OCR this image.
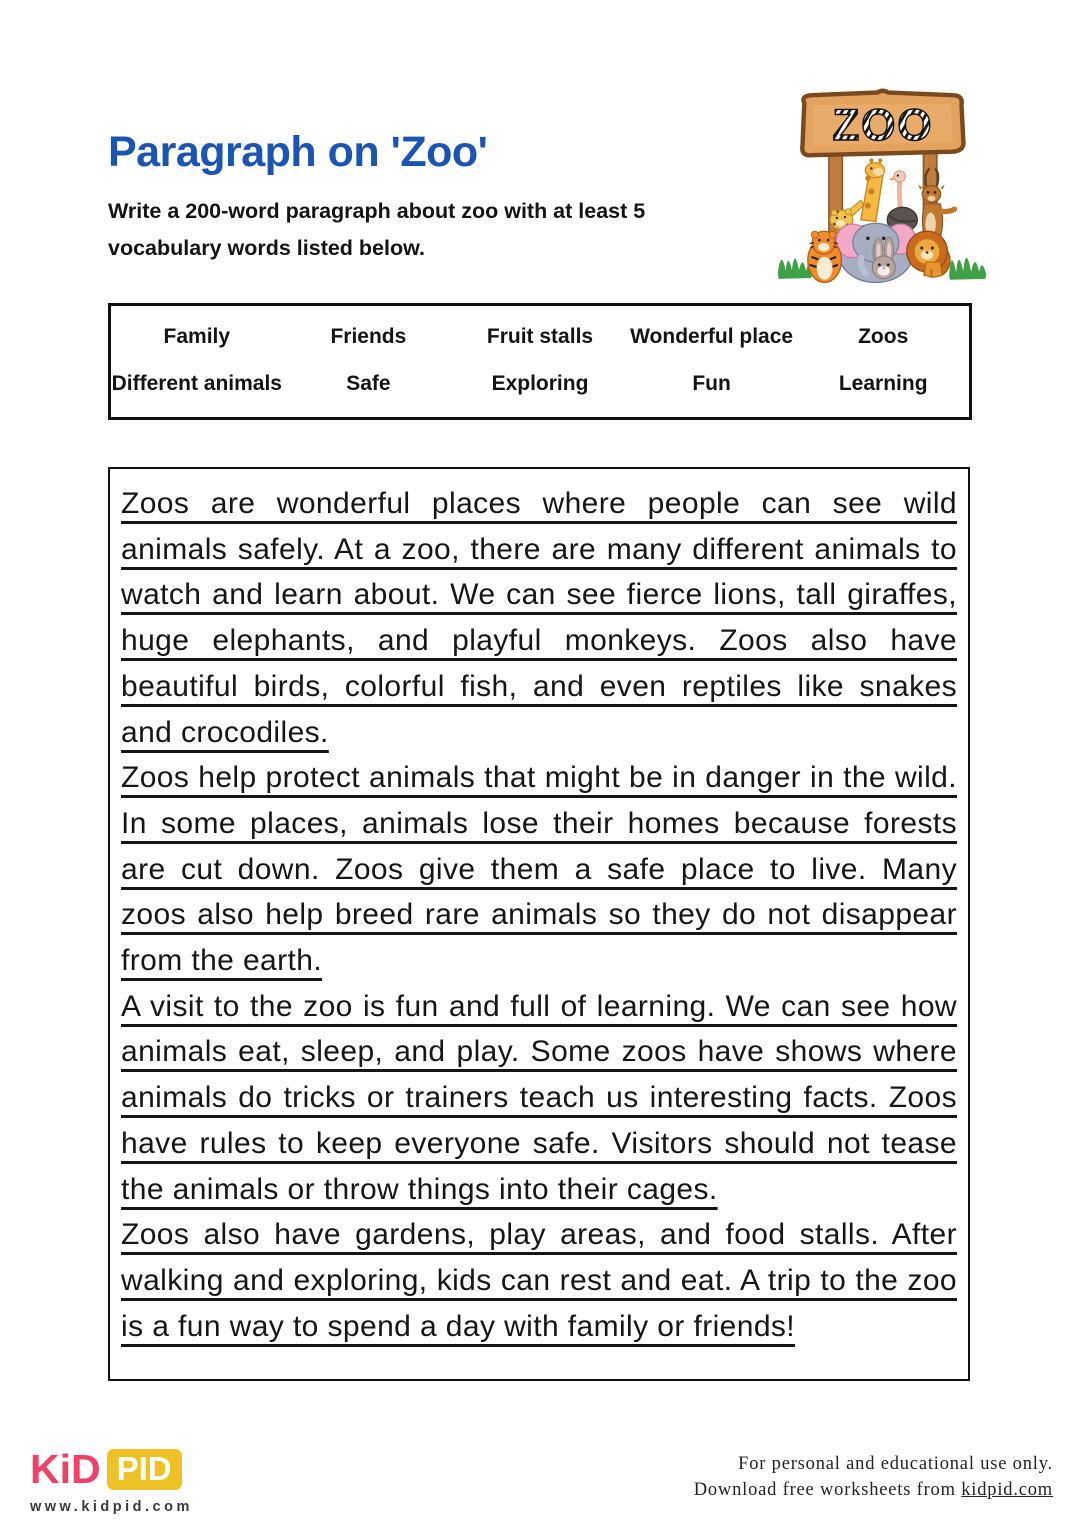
Paragraph on 'Zoo'
Write a 200-word paragraph about zoo with at least 5
vocabulary words listed below.
ZOO
Family	Friends	Fruit stalls	Wonderful place	Zoos
Different animals	Safe	Exploring	Fun	Learning

Zoos are wonderful places where people can see wild animals safely. At a zoo, there are many different animals to watch and learn about. We can see fierce lions, tall giraffes, huge elephants, and playful monkeys. Zoos also have beautiful birds, colorful fish, and even reptiles like snakes and crocodiles.

Zoos help protect animals that might be in danger in the wild. In some places, animals lose their homes because forests are cut down. Zoos give them a safe place to live. Many zoos also help breed rare animals so they do not disappear from the earth.

A visit to the zoo is fun and full of learning. We can see how animals eat, sleep, and play. Some zoos have shows where animals do tricks or trainers teach us interesting facts. Zoos have rules to keep everyone safe. Visitors should not tease the animals or throw things into their cages.

Zoos also have gardens, play areas, and food stalls. After walking and exploring, kids can rest and eat. A trip to the zoo is a fun way to spend a day with family or friends!

KiD PID
www.kidpid.com
For personal and educational use only.
Download free worksheets from kidpid.com
